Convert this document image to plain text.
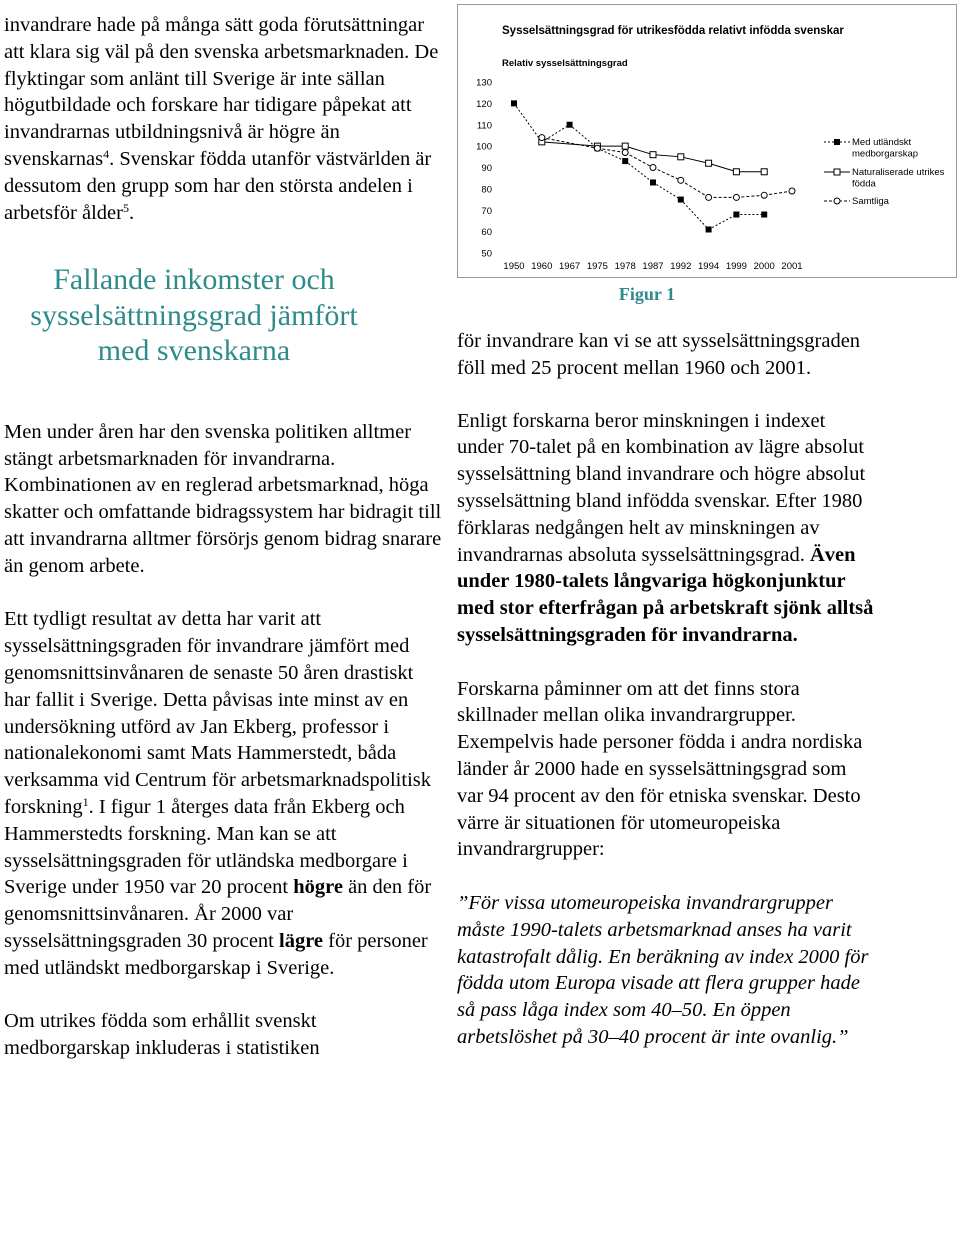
invandrare hade på många sätt goda förutsättningar att klara sig väl på den svenska arbetsmarknaden. De flyktingar som anlänt till Sverige är inte sällan högutbildade och forskare har tidigare påpekat att invandrarnas utbildningsnivå är högre än svenskarnas$^4$. Svenskar födda utanför västvärlden är dessutom den grupp som har den största andelen i arbetsför ålder$^5$.

Fallande inkomster och sysselsättningsgrad jämfört med svenskarna

Men under åren har den svenska politiken alltmer stängt arbetsmarknaden för invandrarna. Kombinationen av en reglerad arbetsmarknad, höga skatter och omfattande bidragssystem har bidragit till att invandrarna alltmer försörjs genom bidrag snarare än genom arbete.

Ett tydligt resultat av detta har varit att sysselsättningsgraden för invandrare jämfört med genomsnittsinvånaren de senaste 50 åren drastiskt har fallit i Sverige. Detta påvisas inte minst av en undersökning utförd av Jan Ekberg, professor i nationalekonomi samt Mats Hammerstedt, båda verksamma vid Centrum för arbetsmarknadspolitisk forskning$^1$. I figur 1 återges data från Ekberg och Hammerstedts forskning. Man kan se att sysselsättningsgraden för utländska medborgare i Sverige under 1950 var 20 procent högre än den för genomsnittsinvånaren. År 2000 var sysselsättningsgraden 30 procent lägre för personer med utländskt medborgarskap i Sverige.

Om utrikes födda som erhållit svenskt medborgarskap inkluderas i statistiken

Sysselsättningsgrad för utrikesfödda relativt infödda svenskar
Relativ sysselsättningsgrad
130
120
110
100
90
80
70
60
50
1950 1960 1967 1975 1978 1987 1992 1994 1999 2000 2001
Med utländskt medborgarskap
Naturaliserade utrikes födda
Samtliga
Figur 1

för invandrare kan vi se att sysselsättningsgraden föll med 25 procent mellan 1960 och 2001.

Enligt forskarna beror minskningen i indexet under 70-talet på en kombination av lägre absolut sysselsättning bland invandrare och högre absolut sysselsättning bland infödda svenskar. Efter 1980 förklaras nedgången helt av minskningen av invandrarnas absoluta sysselsättningsgrad. Även under 1980-talets långvariga högkonjunktur med stor efterfrågan på arbetskraft sjönk alltså sysselsättningsgraden för invandrarna.

Forskarna påminner om att det finns stora skillnader mellan olika invandrargrupper. Exempelvis hade personer födda i andra nordiska länder år 2000 hade en sysselsättningsgrad som var 94 procent av den för etniska svenskar. Desto värre är situationen för utomeuropeiska invandrargrupper:

”För vissa utomeuropeiska invandrargrupper måste 1990-talets arbetsmarknad anses ha varit katastrofalt dålig. En beräkning av index 2000 för födda utom Europa visade att flera grupper hade så pass låga index som 40–50. En öppen arbetslöshet på 30–40 procent är inte ovanlig.”
